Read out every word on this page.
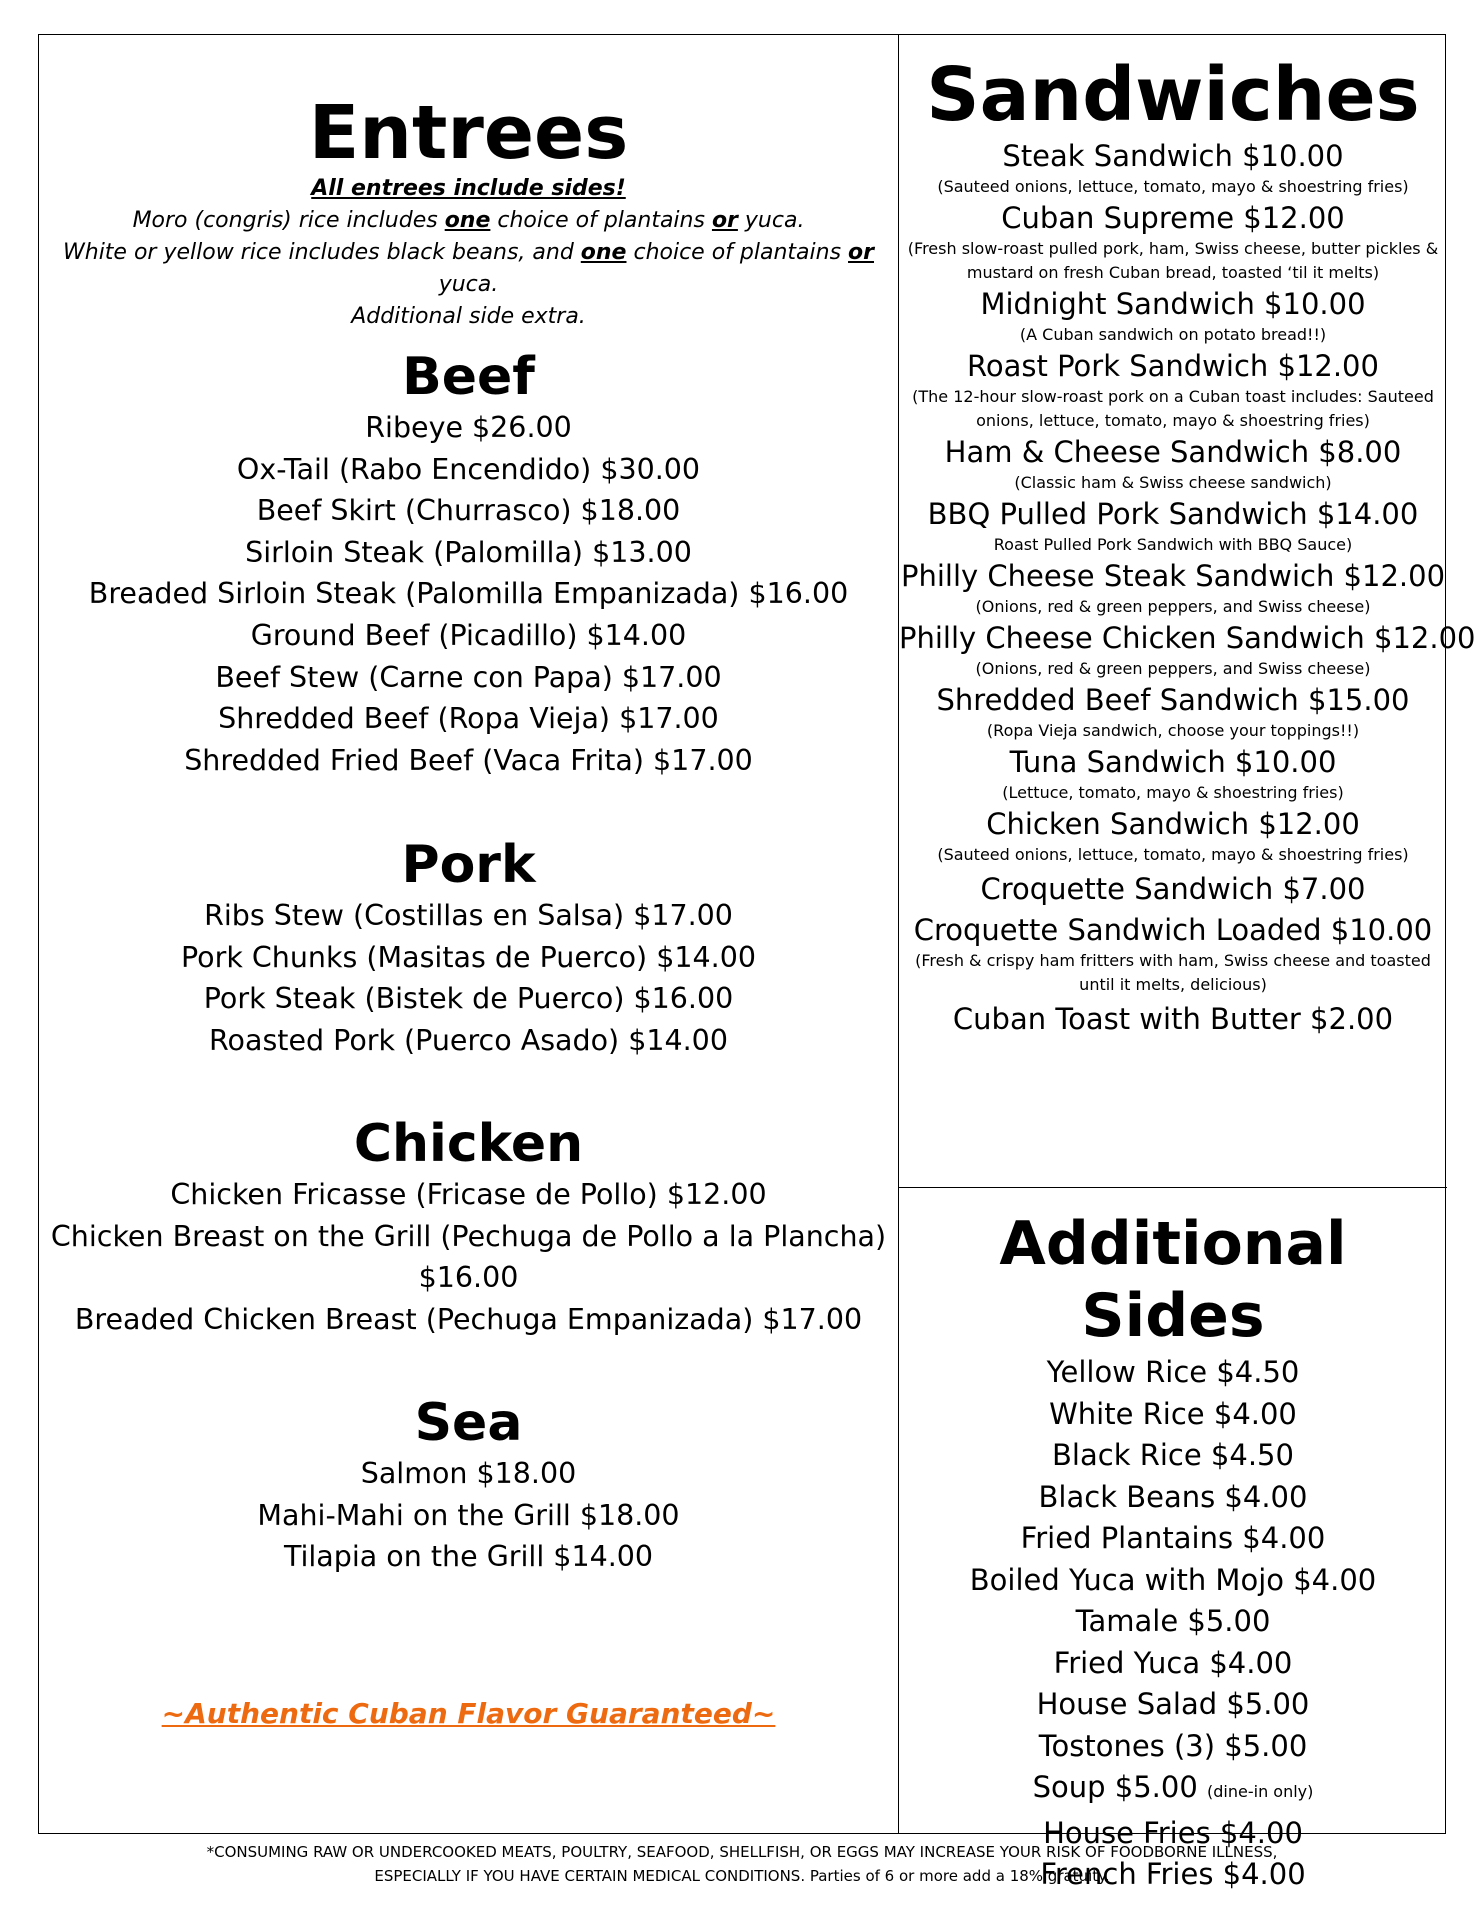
Entrees
All entrees include sides!
Moro (congris) rice includes one choice of plantains or yuca.
White or yellow rice includes black beans, and one choice of plantains or yuca.
Additional side extra.
Beef
Ribeye $26.00
Ox-Tail (Rabo Encendido) $30.00
Beef Skirt (Churrasco) $18.00
Sirloin Steak (Palomilla) $13.00
Breaded Sirloin Steak (Palomilla Empanizada) $16.00
Ground Beef (Picadillo) $14.00
Beef Stew (Carne con Papa) $17.00
Shredded Beef (Ropa Vieja) $17.00
Shredded Fried Beef (Vaca Frita) $17.00
Pork
Ribs Stew (Costillas en Salsa) $17.00
Pork Chunks (Masitas de Puerco) $14.00
Pork Steak (Bistek de Puerco) $16.00
Roasted Pork (Puerco Asado) $14.00
Chicken
Chicken Fricasse (Fricase de Pollo) $12.00
Chicken Breast on the Grill (Pechuga de Pollo a la Plancha)
$16.00
Breaded Chicken Breast (Pechuga Empanizada) $17.00
Sea
Salmon $18.00
Mahi-Mahi on the Grill $18.00
Tilapia on the Grill $14.00
~Authentic Cuban Flavor Guaranteed~
Sandwiches
Steak Sandwich $10.00
(Sauteed onions, lettuce, tomato, mayo & shoestring fries)
Cuban Supreme $12.00
(Fresh slow-roast pulled pork, ham, Swiss cheese, butter pickles &
mustard on fresh Cuban bread, toasted ‘til it melts)
Midnight Sandwich $10.00
(A Cuban sandwich on potato bread!!)
Roast Pork Sandwich $12.00
(The 12-hour slow-roast pork on a Cuban toast includes: Sauteed
onions, lettuce, tomato, mayo & shoestring fries)
Ham & Cheese Sandwich $8.00
(Classic ham & Swiss cheese sandwich)
BBQ Pulled Pork Sandwich $14.00
Roast Pulled Pork Sandwich with BBQ Sauce)
Philly Cheese Steak Sandwich $12.00
(Onions, red & green peppers, and Swiss cheese)
Philly Cheese Chicken Sandwich $12.00
(Onions, red & green peppers, and Swiss cheese)
Shredded Beef Sandwich $15.00
(Ropa Vieja sandwich, choose your toppings!!)
Tuna Sandwich $10.00
(Lettuce, tomato, mayo & shoestring fries)
Chicken Sandwich $12.00
(Sauteed onions, lettuce, tomato, mayo & shoestring fries)
Croquette Sandwich $7.00
Croquette Sandwich Loaded $10.00
(Fresh & crispy ham fritters with ham, Swiss cheese and toasted
until it melts, delicious)
Cuban Toast with Butter $2.00
Additional Sides
Yellow Rice $4.50
White Rice $4.00
Black Rice $4.50
Black Beans $4.00
Fried Plantains $4.00
Boiled Yuca with Mojo $4.00
Tamale $5.00
Fried Yuca $4.00
House Salad $5.00
Tostones (3) $5.00
Soup $5.00 (dine-in only)
House Fries $4.00
French Fries $4.00
*CONSUMING RAW OR UNDERCOOKED MEATS, POULTRY, SEAFOOD, SHELLFISH, OR EGGS MAY INCREASE YOUR RISK OF FOODBORNE ILLNESS,
ESPECIALLY IF YOU HAVE CERTAIN MEDICAL CONDITIONS. Parties of 6 or more add a 18% gratuity.
